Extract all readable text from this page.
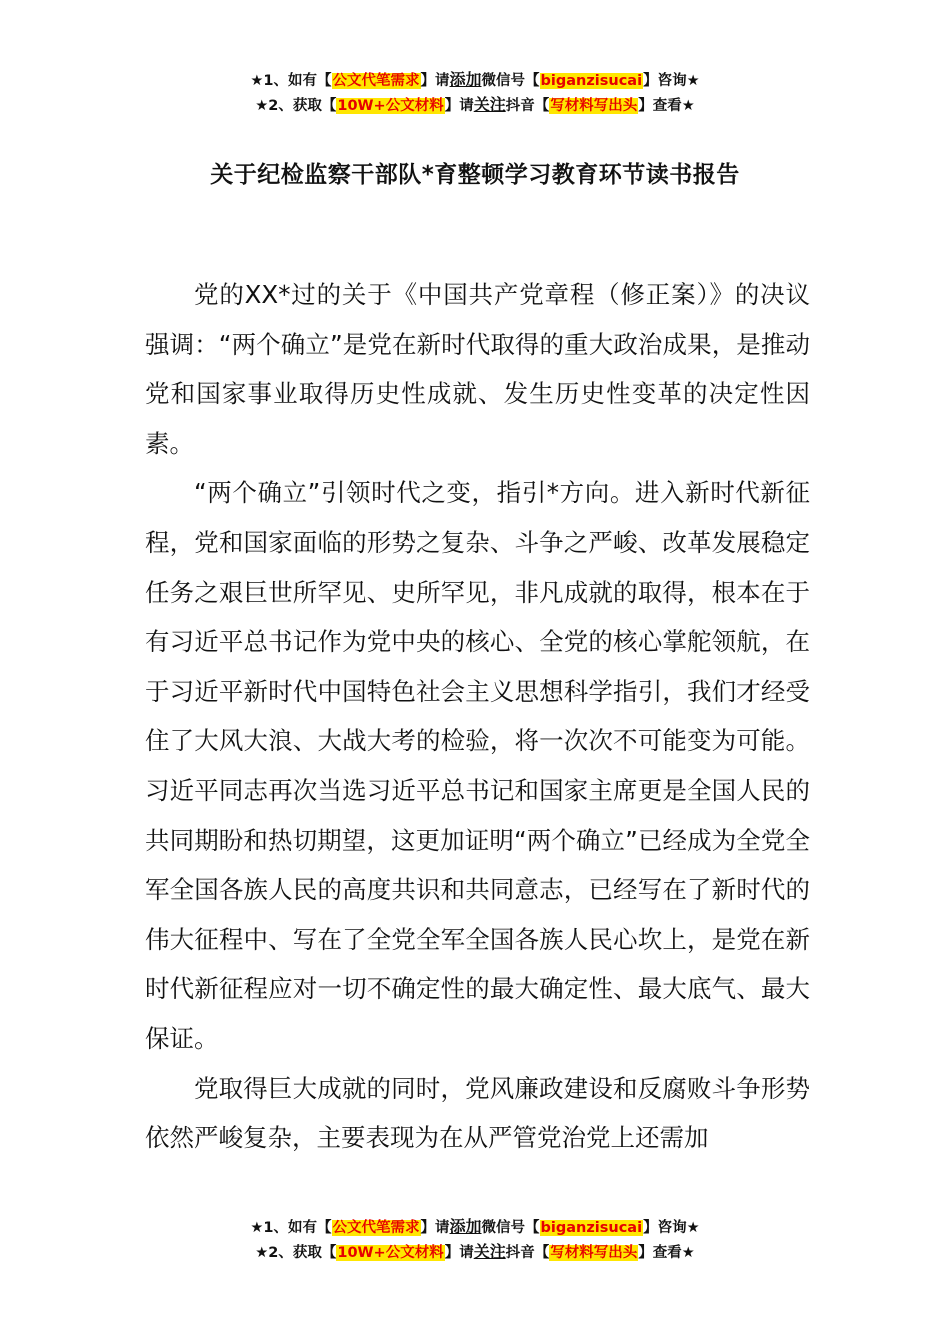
★1、如有【公文代笔需求】请添加微信号【biganzisucai】咨询★
★2、获取【10W+公文材料】请关注抖音【写材料写出头】查看★
关于纪检监察干部队*育整顿学习教育环节读书报告

党的XX*过的关于《中国共产党章程（修正案）》的决议强调：“两个确立”是党在新时代取得的重大政治成果，是推动党和国家事业取得历史性成就、发生历史性变革的决定性因素。

“两个确立”引领时代之变，指引*方向。进入新时代新征程，党和国家面临的形势之复杂、斗争之严峻、改革发展稳定任务之艰巨世所罕见、史所罕见，非凡成就的取得，根本在于有习近平总书记作为党中央的核心、全党的核心掌舵领航，在于习近平新时代中国特色社会主义思想科学指引，我们才经受住了大风大浪、大战大考的检验，将一次次不可能变为可能。习近平同志再次当选习近平总书记和国家主席更是全国人民的共同期盼和热切期望，这更加证明“两个确立”已经成为全党全军全国各族人民的高度共识和共同意志，已经写在了新时代的伟大征程中、写在了全党全军全国各族人民心坎上，是党在新时代新征程应对一切不确定性的最大确定性、最大底气、最大保证。

党取得巨大成就的同时，党风廉政建设和反腐败斗争形势依然严峻复杂，主要表现为在从严管党治党上还需加

★1、如有【公文代笔需求】请添加微信号【biganzisucai】咨询★
★2、获取【10W+公文材料】请关注抖音【写材料写出头】查看★
